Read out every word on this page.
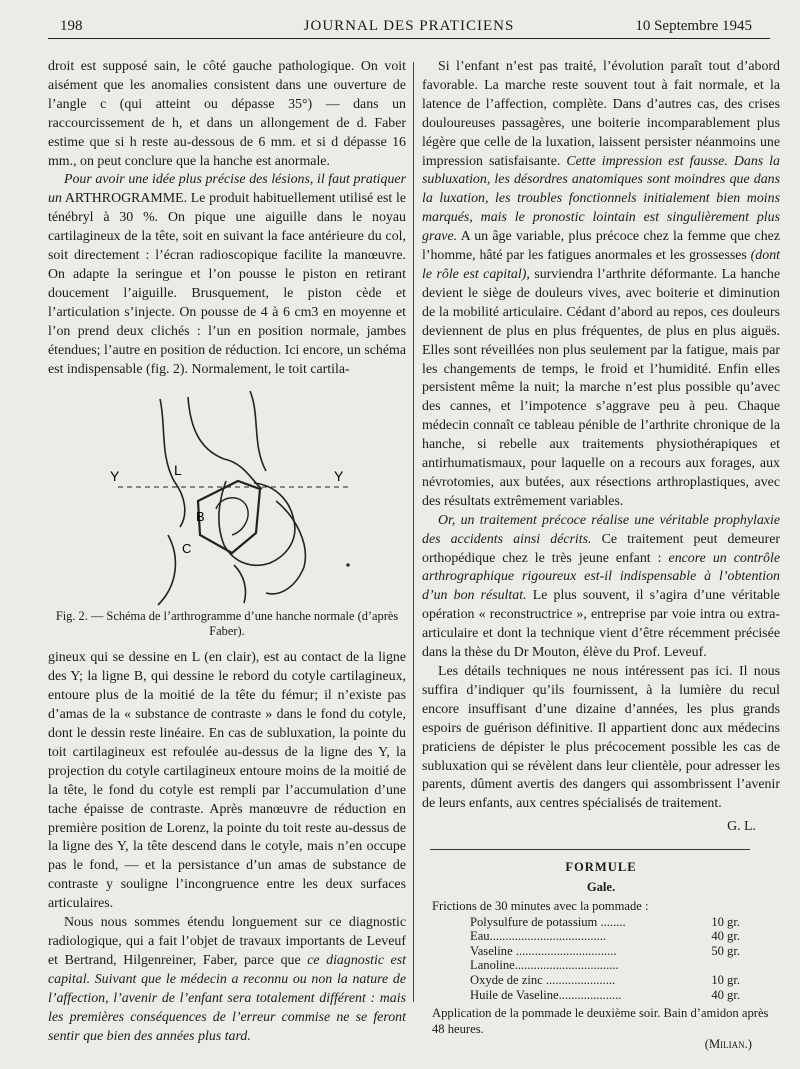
198	JOURNAL DES PRATICIENS	10 Septembre 1945

droit est supposé sain, le côté gauche pathologique. On voit aisément que les anomalies consistent dans une ouverture de l’angle c (qui atteint ou dépasse 35°) — dans un raccourcissement de h, et dans un allongement de d. Faber estime que si h reste au-dessous de 6 mm. et si d dépasse 16 mm., on peut conclure que la hanche est anormale.

Pour avoir une idée plus précise des lésions, il faut pratiquer un ARTHROGRAMME. Le produit habituellement utilisé est le ténébryl à 30 %. On pique une aiguille dans le noyau cartilagineux de la tête, soit en suivant la face antérieure du col, soit directement : l’écran radioscopique facilite la manœuvre. On adapte la seringue et l’on pousse le piston en retirant doucement l’aiguille. Brusquement, le piston cède et l’articulation s’injecte. On pousse de 4 à 6 cm3 en moyenne et l’on prend deux clichés : l’un en position normale, jambes étendues; l’autre en position de réduction. Ici encore, un schéma est indispensable (fig. 2). Normalement, le toit cartila-

Y	Y
L
B
C

Fig. 2. — Schéma de l’arthrogramme d’une hanche normale (d’après Faber).

gineux qui se dessine en L (en clair), est au contact de la ligne des Y; la ligne B, qui dessine le rebord du cotyle cartilagineux, entoure plus de la moitié de la tête du fémur; il n’existe pas d’amas de la « substance de contraste » dans le fond du cotyle, dont le dessin reste linéaire. En cas de subluxation, la pointe du toit cartilagineux est refoulée au-dessus de la ligne des Y, la projection du cotyle cartilagineux entoure moins de la moitié de la tête, le fond du cotyle est rempli par l’accumulation d’une tache épaisse de contraste. Après manœuvre de réduction en première position de Lorenz, la pointe du toit reste au-dessus de la ligne des Y, la tête descend dans le cotyle, mais n’en occupe pas le fond, — et la persistance d’un amas de substance de contraste y souligne l’incongruence entre les deux surfaces articulaires.

Nous nous sommes étendu longuement sur ce diagnostic radiologique, qui a fait l’objet de travaux importants de Leveuf et Bertrand, Hilgenreiner, Faber, parce que ce diagnostic est capital. Suivant que le médecin a reconnu ou non la nature de l’affection, l’avenir de l’enfant sera totalement différent : mais les premières conséquences de l’erreur commise ne se feront sentir que bien des années plus tard.

Si l’enfant n’est pas traité, l’évolution paraît tout d’abord favorable. La marche reste souvent tout à fait normale, et la latence de l’affection, complète. Dans d’autres cas, des crises douloureuses passagères, une boiterie incomparablement plus légère que celle de la luxation, laissent persister néanmoins une impression satisfaisante. Cette impression est fausse. Dans la subluxation, les désordres anatomiques sont moindres que dans la luxation, les troubles fonctionnels initialement bien moins marqués, mais le pronostic lointain est singulièrement plus grave. A un âge variable, plus précoce chez la femme que chez l’homme, hâté par les fatigues anormales et les grossesses (dont le rôle est capital), surviendra l’arthrite déformante. La hanche devient le siège de douleurs vives, avec boiterie et diminution de la mobilité articulaire. Cédant d’abord au repos, ces douleurs deviennent de plus en plus fréquentes, de plus en plus aiguës. Elles sont réveillées non plus seulement par la fatigue, mais par les changements de temps, le froid et l’humidité. Enfin elles persistent même la nuit; la marche n’est plus possible qu’avec des cannes, et l’impotence s’aggrave peu à peu. Chaque médecin connaît ce tableau pénible de l’arthrite chronique de la hanche, si rebelle aux traitements physiothérapiques et antirhumatismaux, pour laquelle on a recours aux forages, aux névrotomies, aux butées, aux résections arthroplastiques, avec des résultats extrêmement variables.

Or, un traitement précoce réalise une véritable prophylaxie des accidents ainsi décrits. Ce traitement peut demeurer orthopédique chez le très jeune enfant : encore un contrôle arthrographique rigoureux est-il indispensable à l’obtention d’un bon résultat. Le plus souvent, il s’agira d’une véritable opération « reconstructrice », entreprise par voie intra ou extra-articulaire et dont la technique vient d’être récemment précisée dans la thèse du Dr Mouton, élève du Prof. Leveuf.

Les détails techniques ne nous intéressent pas ici. Il nous suffira d’indiquer qu’ils fournissent, à la lumière du recul encore insuffisant d’une dizaine d’années, les plus grands espoirs de guérison définitive. Il appartient donc aux médecins praticiens de dépister le plus précocement possible les cas de subluxation qui se révèlent dans leur clientèle, pour adresser les parents, dûment avertis des dangers qui assombrissent l’avenir de leurs enfants, aux centres spécialisés de traitement.

G. L.

FORMULE
Gale.
Frictions de 30 minutes avec la pommade :
Polysulfure de potassium ........	10 gr.
Eau.....................................	40 gr.
Vaseline ................................	50 gr.
Lanoline.................................	
Oxyde de zinc ......................	10 gr.
Huile de Vaseline....................	40 gr.
Application de la pommade le deuxième soir. Bain d’amidon après 48 heures.
(Milian.)
